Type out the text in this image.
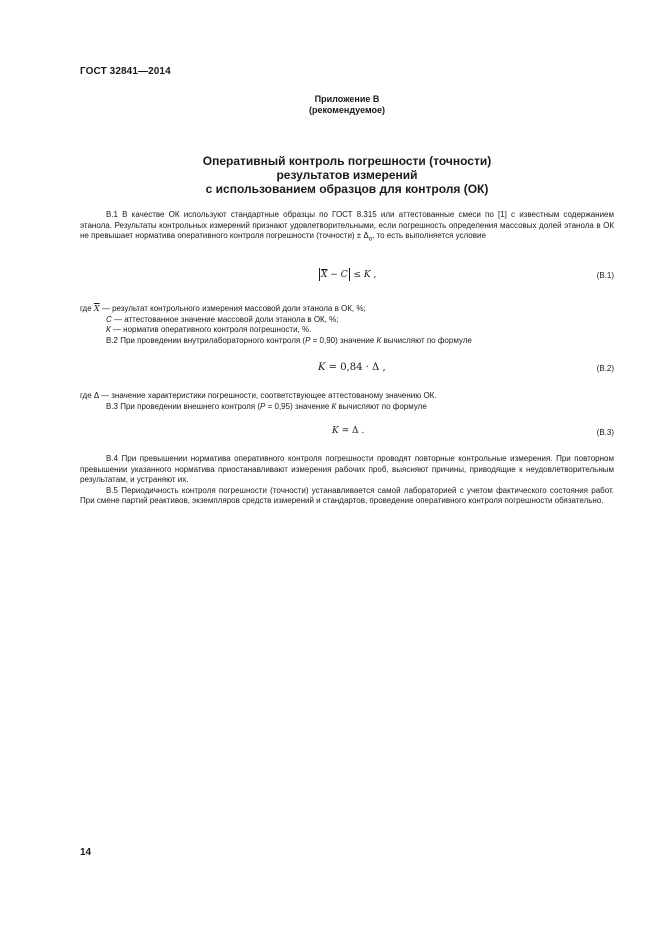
ГОСТ 32841—2014
Приложение В
(рекомендуемое)
Оперативный контроль погрешности (точности)
результатов измерений
с использованием образцов для контроля (ОК)

В.1 В качестве ОК используют стандартные образцы по ГОСТ 8.315 или аттестованные смеси по [1] с известным содержанием этанола. Результаты контрольных измерений признают удовлетворительными, если погрешность определения массовых долей этанола в ОК не превышает норматива оперативного контроля погрешности (точности) ± $\Delta_о$, то есть выполняется условие

$\overline{X} - C \le K$ ,	(В.1)

где $\overline{X}$ — результат контрольного измерения массовой доли этанола в ОК, %;

С — аттестованное значение массовой доли этанола в ОК, %;

К — норматив оперативного контроля погрешности, %.

В.2 При проведении внутрилабораторного контроля (Р = 0,90) значение К вычисляют по формуле

K = 0,84 · Δ ,	(В.2)

где Δ — значение характеристики погрешности, соответствующее аттестованому значению ОК.

В.3 При проведении внешнего контроля (Р = 0,95) значение К вычисляют по формуле

K = Δ .	(В.3)

В.4 При превышении норматива оперативного контроля погрешности проводят повторные контрольные измерения. При повторном превышении указанного норматива приостанавливают измерения рабочих проб, выясняют причины, приводящие к неудовлетворительным результатам, и устраняют их.

В.5 Периодичность контроля погрешности (точности) устанавливается самой лабораторией с учетом фактического состояния работ. При смене партий реактивов, экземпляров средств измерений и стандартов, проведение оперативного контроля погрешности обязательно.

14
